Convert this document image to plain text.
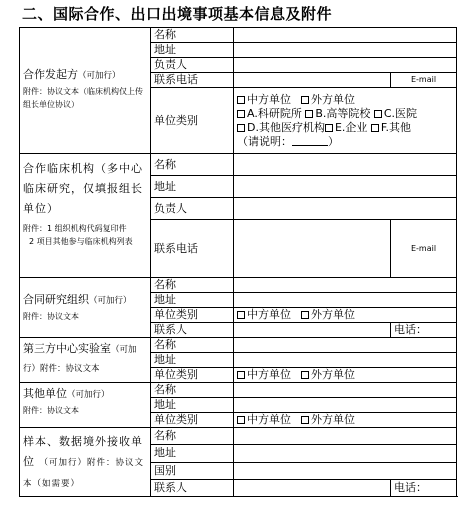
二、国际合作、出口出境事项基本信息及附件
合作发起方（可加行）
附件：协议文本（临床机构仅上传组长单位协议）	名称			
	地址			
	负责人			
	联系电话		E-mail	
	单位类别	中方单位 外方单位
A.科研院所 B.高等院校 C.医院
D.其他医疗机构 E.企业 F.其他
（请说明： ）		

合作临床机构（多中心临床研究，仅填报组长单位）
附件：1 组织机构代码复印件
2 项目其他参与临床机构列表	名称			
	地址			
	负责人			
	联系电话		E-mail	

合同研究组织（可加行）
附件：协议文本	名称			
	地址			
	单位类别	中方单位 外方单位		
	联系人		电话：	

第三方中心实验室（可加行）附件：协议文本	名称			
	地址			
	单位类别	中方单位 外方单位		

其他单位（可加行）
附件：协议文本	名称			
	地址			
	单位类别	中方单位 外方单位		

样本、数据境外接收单位 （可加行）附件：协议文本（如需要）	名称			
	地址			
	国别			
	联系人		电话：	
